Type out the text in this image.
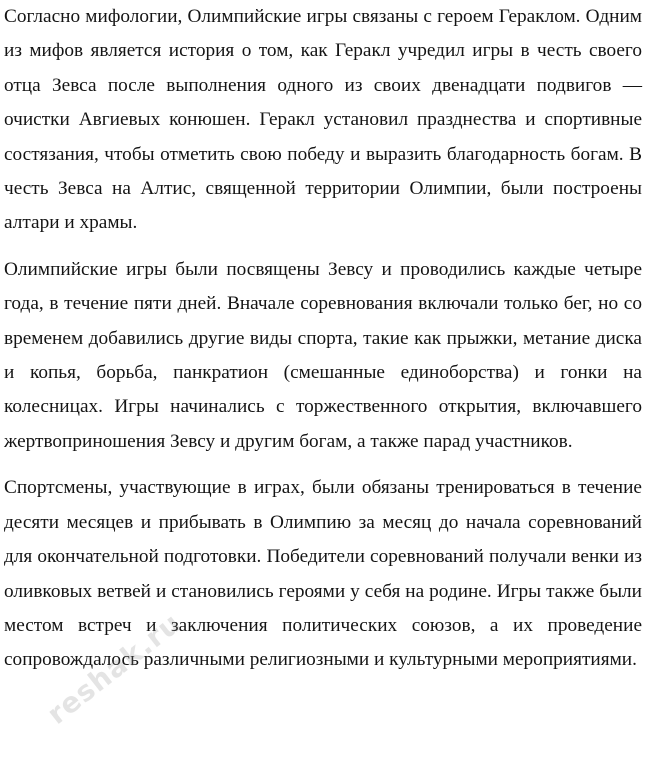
Согласно мифологии, Олимпийские игры связаны с героем Гераклом. Одним из мифов является история о том, как Геракл учредил игры в честь своего отца Зевса после выполнения одного из своих двенадцати подвигов — очистки Авгиевых конюшен. Геракл установил празднества и спортивные состязания, чтобы отметить свою победу и выразить благодарность богам. В честь Зевса на Алтис, священной территории Олимпии, были построены алтари и храмы.

Олимпийские игры были посвящены Зевсу и проводились каждые четыре года, в течение пяти дней. Вначале соревнования включали только бег, но со временем добавились другие виды спорта, такие как прыжки, метание диска и копья, борьба, панкратион (смешанные единоборства) и гонки на колесницах. Игры начинались с торжественного открытия, включавшего жертвоприношения Зевсу и другим богам, а также парад участников.

Спортсмены, участвующие в играх, были обязаны тренироваться в течение десяти месяцев и прибывать в Олимпию за месяц до начала соревнований для окончательной подготовки. Победители соревнований получали венки из оливковых ветвей и становились героями у себя на родине. Игры также были местом встреч и заключения политических союзов, а их проведение сопровождалось различными религиозными и культурными мероприятиями.

reshak.ru
